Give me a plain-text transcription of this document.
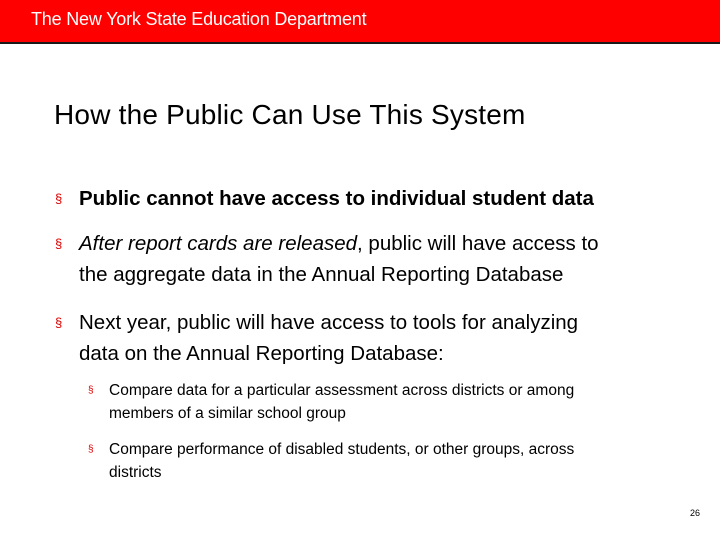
The New York State Education Department
How the Public Can Use This System
§ Public cannot have access to individual student data
§ After report cards are released, public will have access to
the aggregate data in the Annual Reporting Database
§ Next year, public will have access to tools for analyzing
data on the Annual Reporting Database:
§ Compare data for a particular assessment across districts or among
members of a similar school group
§ Compare performance of disabled students, or other groups, across
districts
26
